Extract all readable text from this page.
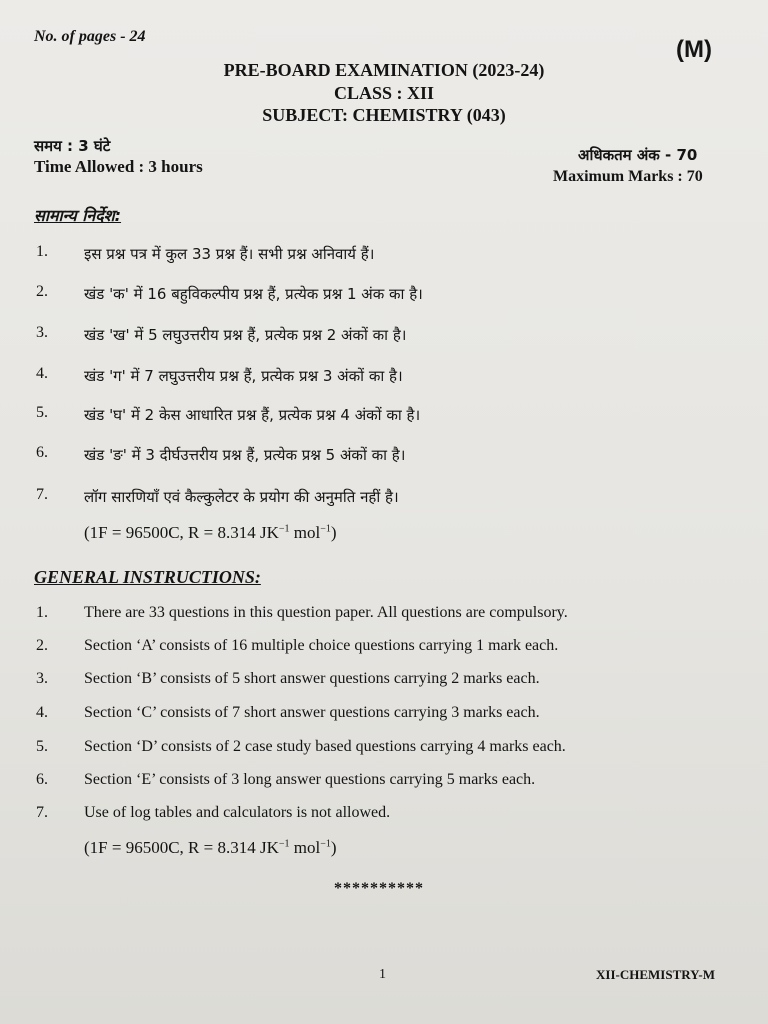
No. of pages - 24	(M)
PRE-BOARD EXAMINATION (2023-24)
CLASS : XII
SUBJECT: CHEMISTRY (043)
समय : 3 घंटे
Time Allowed : 3 hours
अधिकतम अंक - 70
Maximum Marks : 70
सामान्य निर्देश:
1. इस प्रश्न पत्र में कुल 33 प्रश्न हैं। सभी प्रश्न अनिवार्य हैं।
2. खंड 'क' में 16 बहुविकल्पीय प्रश्न हैं, प्रत्येक प्रश्न 1 अंक का है।
3. खंड 'ख' में 5 लघुउत्तरीय प्रश्न हैं, प्रत्येक प्रश्न 2 अंकों का है।
4. खंड 'ग' में 7 लघुउत्तरीय प्रश्न हैं, प्रत्येक प्रश्न 3 अंकों का है।
5. खंड 'घ' में 2 केस आधारित प्रश्न हैं, प्रत्येक प्रश्न 4 अंकों का है।
6. खंड 'ङ' में 3 दीर्घउत्तरीय प्रश्न हैं, प्रत्येक प्रश्न 5 अंकों का है।
7. लॉग सारणियाँ एवं कैल्कुलेटर के प्रयोग की अनुमति नहीं है।
(1F = 96500C, R = 8.314 $JK^{-1}$ mol$^{-1}$)
GENERAL INSTRUCTIONS:
1. There are 33 questions in this question paper. All questions are compulsory.
2. Section ‘A’ consists of 16 multiple choice questions carrying 1 mark each.
3. Section ‘B’ consists of 5 short answer questions carrying 2 marks each.
4. Section ‘C’ consists of 7 short answer questions carrying 3 marks each.
5. Section ‘D’ consists of 2 case study based questions carrying 4 marks each.
6. Section ‘E’ consists of 3 long answer questions carrying 5 marks each.
7. Use of log tables and calculators is not allowed.
(1F = 96500C, R = 8.314 $JK^{-1}$ mol$^{-1}$)
**********
1	XII-CHEMISTRY-M
